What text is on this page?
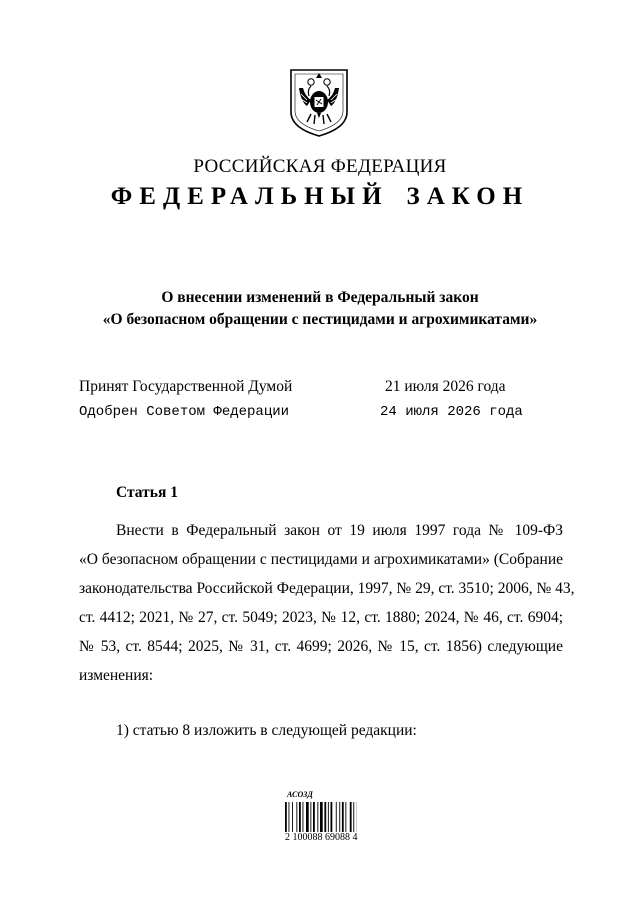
РОССИЙСКАЯ ФЕДЕРАЦИЯ
ФЕДЕРАЛЬНЫЙ ЗАКОН
О внесении изменений в Федеральный закон
«О безопасном обращении с пестицидами и агрохимикатами»
Принят Государственной Думой	21 июля 2026 года
Одобрен Советом Федерации	24 июля 2026 года
Статья 1
Внести в Федеральный закон от 19 июля 1997 года № 109-ФЗ
«О безопасном обращении с пестицидами и агрохимикатами» (Собрание
законодательства Российской Федерации, 1997, № 29, ст. 3510; 2006, № 43,
ст. 4412; 2021, № 27, ст. 5049; 2023, № 12, ст. 1880; 2024, № 46, ст. 6904;
№ 53, ст. 8544; 2025, № 31, ст. 4699; 2026, № 15, ст. 1856) следующие
изменения:
1) статью 8 изложить в следующей редакции:
АСОЗД
2 100088 69088 4
